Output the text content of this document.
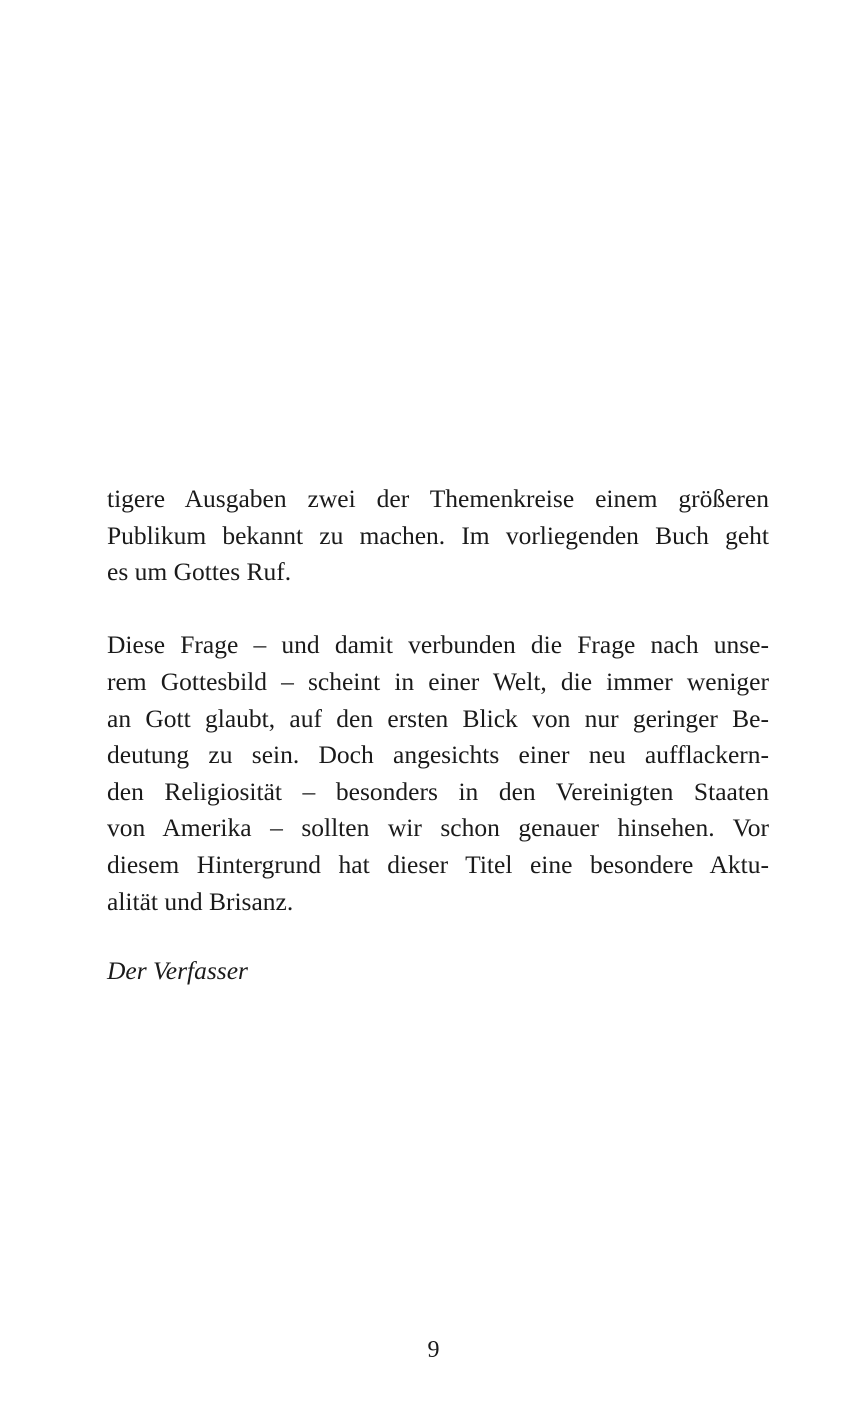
tigere Ausgaben zwei der Themenkreise einem größeren
Publikum bekannt zu machen. Im vorliegenden Buch geht
es um Gottes Ruf.
Diese Frage – und damit verbunden die Frage nach unse-
rem Gottesbild – scheint in einer Welt, die immer weniger
an Gott glaubt, auf den ersten Blick von nur geringer Be-
deutung zu sein. Doch angesichts einer neu aufflackern-
den Religiosität – besonders in den Vereinigten Staaten
von Amerika – sollten wir schon genauer hinsehen. Vor
diesem Hintergrund hat dieser Titel eine besondere Aktu-
alität und Brisanz.
Der Verfasser
9
